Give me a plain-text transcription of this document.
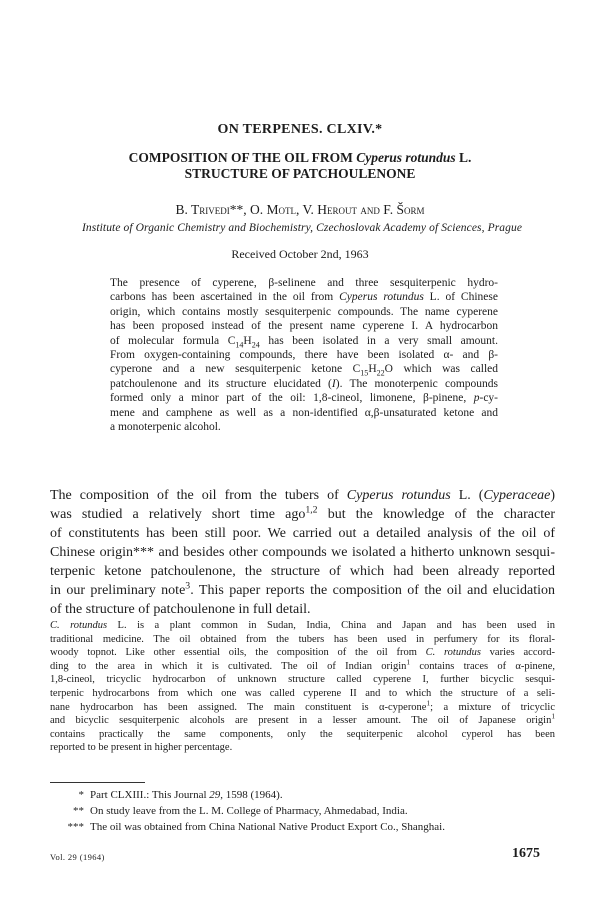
ON TERPENES. CLXIV.*
COMPOSITION OF THE OIL FROM Cyperus rotundus L.
STRUCTURE OF PATCHOULENONE
B. Trivedi**, O. Motl, V. Herout and F. Šorm
Institute of Organic Chemistry and Biochemistry, Czechoslovak Academy of Sciences, Prague
Received October 2nd, 1963
The presence of cyperene, β-selinene and three sesquiterpenic hydro-
carbons has been ascertained in the oil from Cyperus rotundus L. of Chinese
origin, which contains mostly sesquiterpenic compounds. The name cyperene
has been proposed instead of the present name cyperene I. A hydrocarbon
of molecular formula $C_{14}H_{24}$ has been isolated in a very small amount.
From oxygen-containing compounds, there have been isolated α- and β-
cyperone and a new sesquiterpenic ketone $C_{15}H_{22}O$ which was called
patchoulenone and its structure elucidated (I). The monoterpenic compounds
formed only a minor part of the oil: 1,8-cineol, limonene, β-pinene, p-cy-
mene and camphene as well as a non-identified α,β-unsaturated ketone and
a monoterpenic alcohol.
The composition of the oil from the tubers of Cyperus rotundus L. (Cyperaceae)
was studied a relatively short time ago$^{1,2}$ but the knowledge of the character
of constitutents has been still poor. We carried out a detailed analysis of the oil of
Chinese origin*** and besides other compounds we isolated a hitherto unknown sesqui-
terpenic ketone patchoulenone, the structure of which had been already reported
in our preliminary note$^3$. This paper reports the composition of the oil and elucidation
of the structure of patchoulenone in full detail.
C. rotundus L. is a plant common in Sudan, India, China and Japan and has been used in
traditional medicine. The oil obtained from the tubers has been used in perfumery for its floral-
woody topnot. Like other essential oils, the composition of the oil from C. rotundus varies accord-
ding to the area in which it is cultivated. The oil of Indian origin$^1$ contains traces of α-pinene,
1,8-cineol, tricyclic hydrocarbon of unknown structure called cyperene I, further bicyclic sesqui-
terpenic hydrocarbons from which one was called cyperene II and to which the structure of a seli-
nane hydrocarbon has been assigned. The main constituent is α-cyperone$^1$; a mixture of tricyclic
and bicyclic sesquiterpenic alcohols are present in a lesser amount. The oil of Japanese origin$^1$
contains practically the same components, only the sequiterpenic alcohol cyperol has been
reported to be present in higher percentage.
* Part CLXIII.: This Journal 29, 1598 (1964).
** On study leave from the L. M. College of Pharmacy, Ahmedabad, India.
*** The oil was obtained from China National Native Product Export Co., Shanghai.
Vol. 29 (1964)	1675
